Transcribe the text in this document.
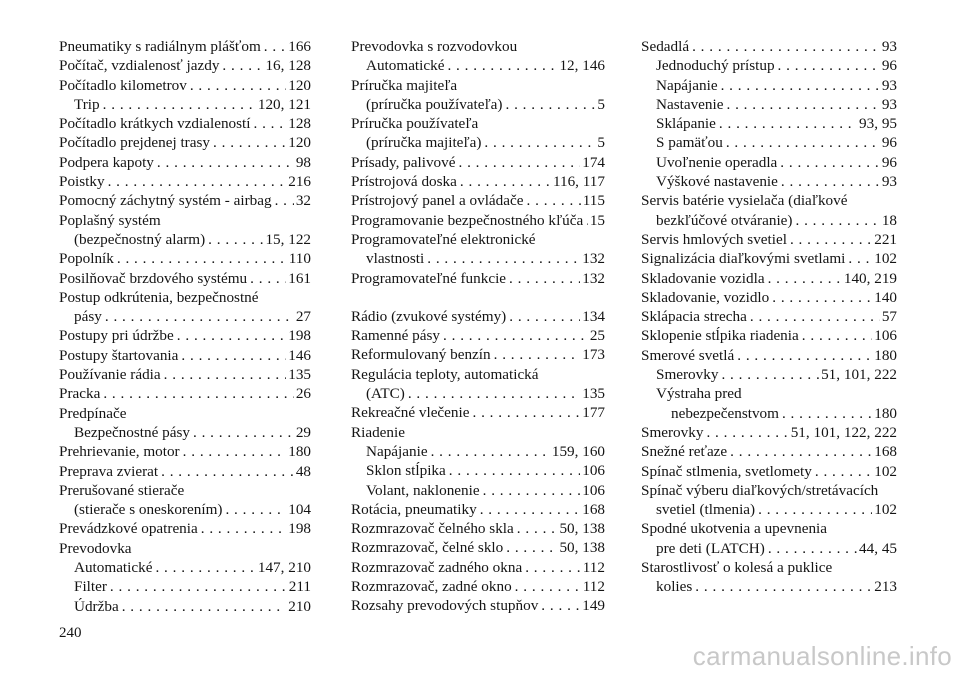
Pneumatiky s radiálnym plášťom . . . 166
Počítač, vzdialenosť jazdy . . .	16, 128
Počítadlo kilometrov . . .	120
Trip . . .	120, 121
Počítadlo krátkych vzdialeností . . . 128
Počítadlo prejdenej trasy . . .	120
Podpera kapoty . . .	98
Poistky . . .	216
Pomocný záchytný systém - airbag . . . 32
Poplašný systém
(bezpečnostný alarm) . . .	15, 122
Popolník . . .	110
Posilňovač brzdového systému . . .	161
Postup odkrútenia, bezpečnostné
pásy . . .	27
Postupy pri údržbe . . .	198
Postupy štartovania . . .	146
Používanie rádia . . .	135
Pracka . . .	26
Predpínače
Bezpečnostné pásy . . .	29
Prehrievanie, motor . . .	180
Preprava zvierat . . .	48
Prerušované stierače
(stierače s oneskorením) . . .	104
Prevádzkové opatrenia . . .	198
Prevodovka
Automatické . . .	147, 210
Filter . . .	211
Údržba . . .	210
Prevodovka s rozvodovkou
Automatické . . .	12, 146
Príručka majiteľa
(príručka používateľa) . . .	5
Príručka používateľa
(príručka majiteľa) . . .	5
Prísady, palivové . . .	174
Prístrojová doska . . .	116, 117
Prístrojový panel a ovládače . . .	115
Programovanie bezpečnostného kľúča . . . 15
Programovateľné elektronické
vlastnosti . . .	132
Programovateľné funkcie . . .	132
Rádio (zvukové systémy) . . .	134
Ramenné pásy . . .	25
Reformulovaný benzín . . .	173
Regulácia teploty, automatická
(ATC) . . .	135
Rekreačné vlečenie . . .	177
Riadenie
Napájanie . . .	159, 160
Sklon stĺpika . . .	106
Volant, naklonenie . . .	106
Rotácia, pneumatiky . . .	168
Rozmrazovač čelného skla . . .	50, 138
Rozmrazovač, čelné sklo . . .	50, 138
Rozmrazovač zadného okna . . .	112
Rozmrazovač, zadné okno . . .	112
Rozsahy prevodových stupňov . . .	149
Sedadlá . . .	93
Jednoduchý prístup . . .	96
Napájanie . . .	93
Nastavenie . . .	93
Sklápanie . . .	93, 95
S pamäťou . . .	96
Uvoľnenie operadla . . .	96
Výškové nastavenie . . .	93
Servis batérie vysielača (diaľkové
bezkľúčové otváranie) . . .	18
Servis hmlových svetiel . . .	221
Signalizácia diaľkovými svetlami . . . 102
Skladovanie vozidla . . .	140, 219
Skladovanie, vozidlo . . .	140
Sklápacia strecha . . .	57
Sklopenie stĺpika riadenia . . .	106
Smerové svetlá . . .	180
Smerovky . . .	51, 101, 222
Výstraha pred
nebezpečenstvom . . .	180
Smerovky . . .	51, 101, 122, 222
Snežné reťaze . . .	168
Spínač stlmenia, svetlomety . . .	102
Spínač výberu diaľkových/stretávacích
svetiel (tlmenia) . . .	102
Spodné ukotvenia a upevnenia
pre deti (LATCH) . . .	44, 45
Starostlivosť o kolesá a puklice
kolies . . .	213
240
carmanualsonline.info
